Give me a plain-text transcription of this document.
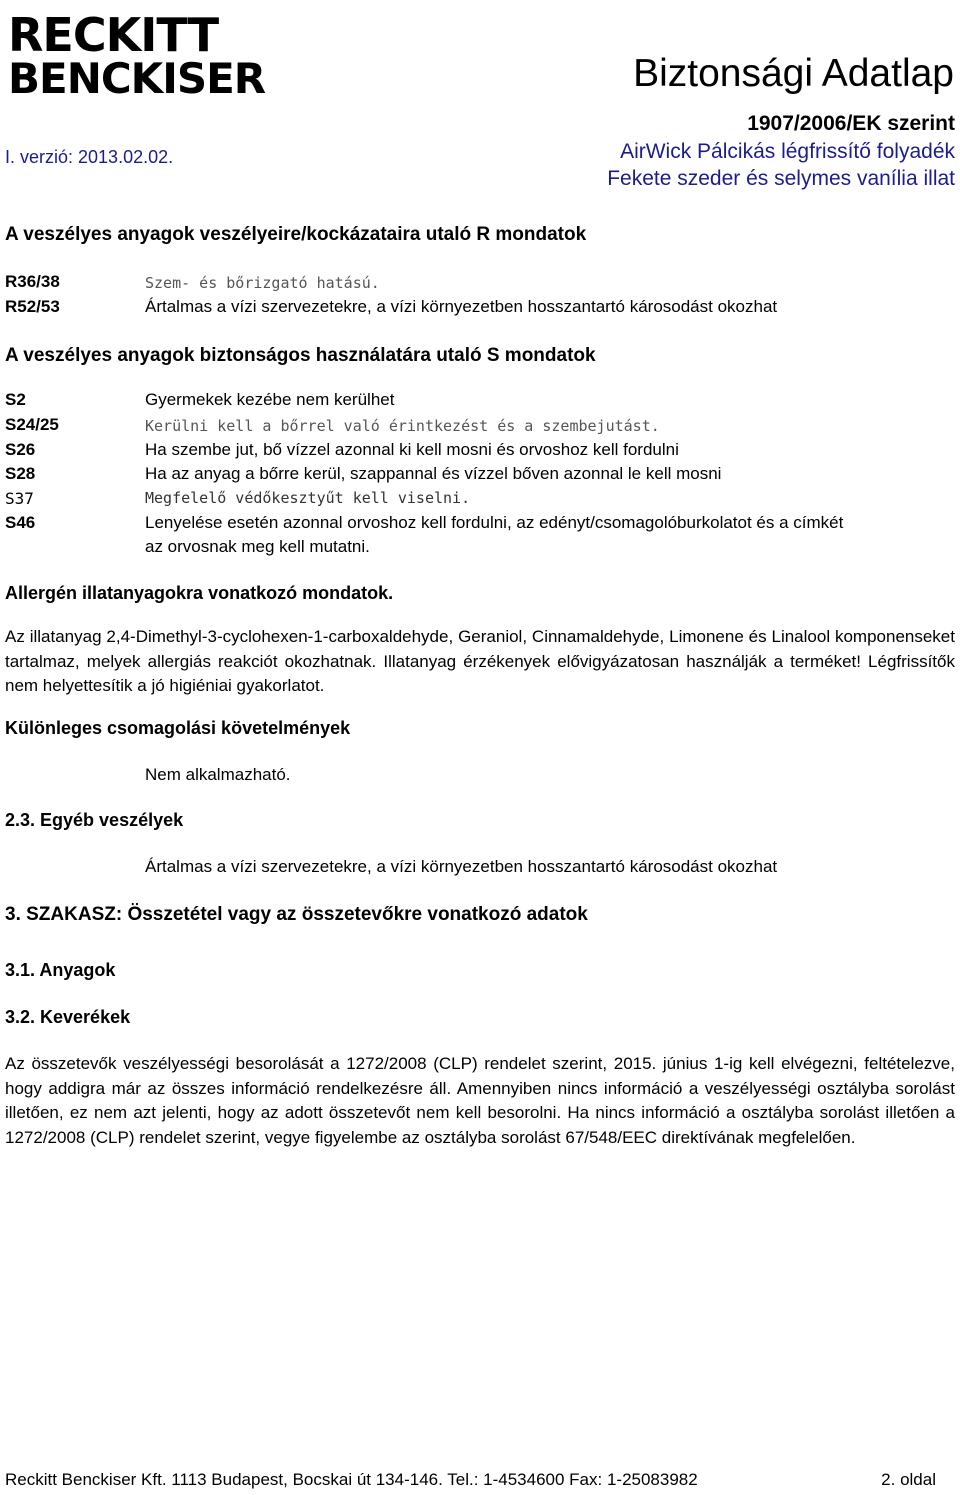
RECKITT
BENCKISER	Biztonsági Adatlap
I. verzió: 2013.02.02.
1907/2006/EK szerint
AirWick Pálcikás légfrissítő folyadék
Fekete szeder és selymes vanília illat
A veszélyes anyagok veszélyeire/kockázataira utaló R mondatok
R36/38	Szem- és bőrizgató hatású.
R52/53	Ártalmas a vízi szervezetekre, a vízi környezetben hosszantartó károsodást okozhat
A veszélyes anyagok biztonságos használatára utaló S mondatok
S2	Gyermekek kezébe nem kerülhet
S24/25	Kerülni kell a bőrrel való érintkezést és a szembejutást.
S26	Ha szembe jut, bő vízzel azonnal ki kell mosni és orvoshoz kell fordulni
S28	Ha az anyag a bőrre kerül, szappannal és vízzel bőven azonnal le kell mosni
S37	Megfelelő védőkesztyűt kell viselni.
S46	Lenyelése esetén azonnal orvoshoz kell fordulni, az edényt/csomagolóburkolatot és a címkét
az orvosnak meg kell mutatni.
Allergén illatanyagokra vonatkozó mondatok.
Az illatanyag 2,4-Dimethyl-3-cyclohexen-1-carboxaldehyde, Geraniol, Cinnamaldehyde, Limonene és Linalool komponenseket tartalmaz, melyek allergiás reakciót okozhatnak. Illatanyag érzékenyek elővigyázatosan használják a terméket! Légfrissítők nem helyettesítik a jó higiéniai gyakorlatot.
Különleges csomagolási követelmények
Nem alkalmazható.
2.3. Egyéb veszélyek
Ártalmas a vízi szervezetekre, a vízi környezetben hosszantartó károsodást okozhat
3. SZAKASZ: Összetétel vagy az összetevőkre vonatkozó adatok
3.1. Anyagok
3.2. Keverékek
Az összetevők veszélyességi besorolását a 1272/2008 (CLP) rendelet szerint, 2015. június 1-ig kell elvégezni, feltételezve, hogy addigra már az összes információ rendelkezésre áll. Amennyiben nincs információ a veszélyességi osztályba sorolást illetően, ez nem azt jelenti, hogy az adott összetevőt nem kell besorolni. Ha nincs információ a osztályba sorolást illetően a 1272/2008 (CLP) rendelet szerint, vegye figyelembe az osztályba sorolást 67/548/EEC direktívának megfelelően.
Reckitt Benckiser Kft. 1113 Budapest, Bocskai út 134-146. Tel.: 1-4534600 Fax: 1-25083982	2. oldal
